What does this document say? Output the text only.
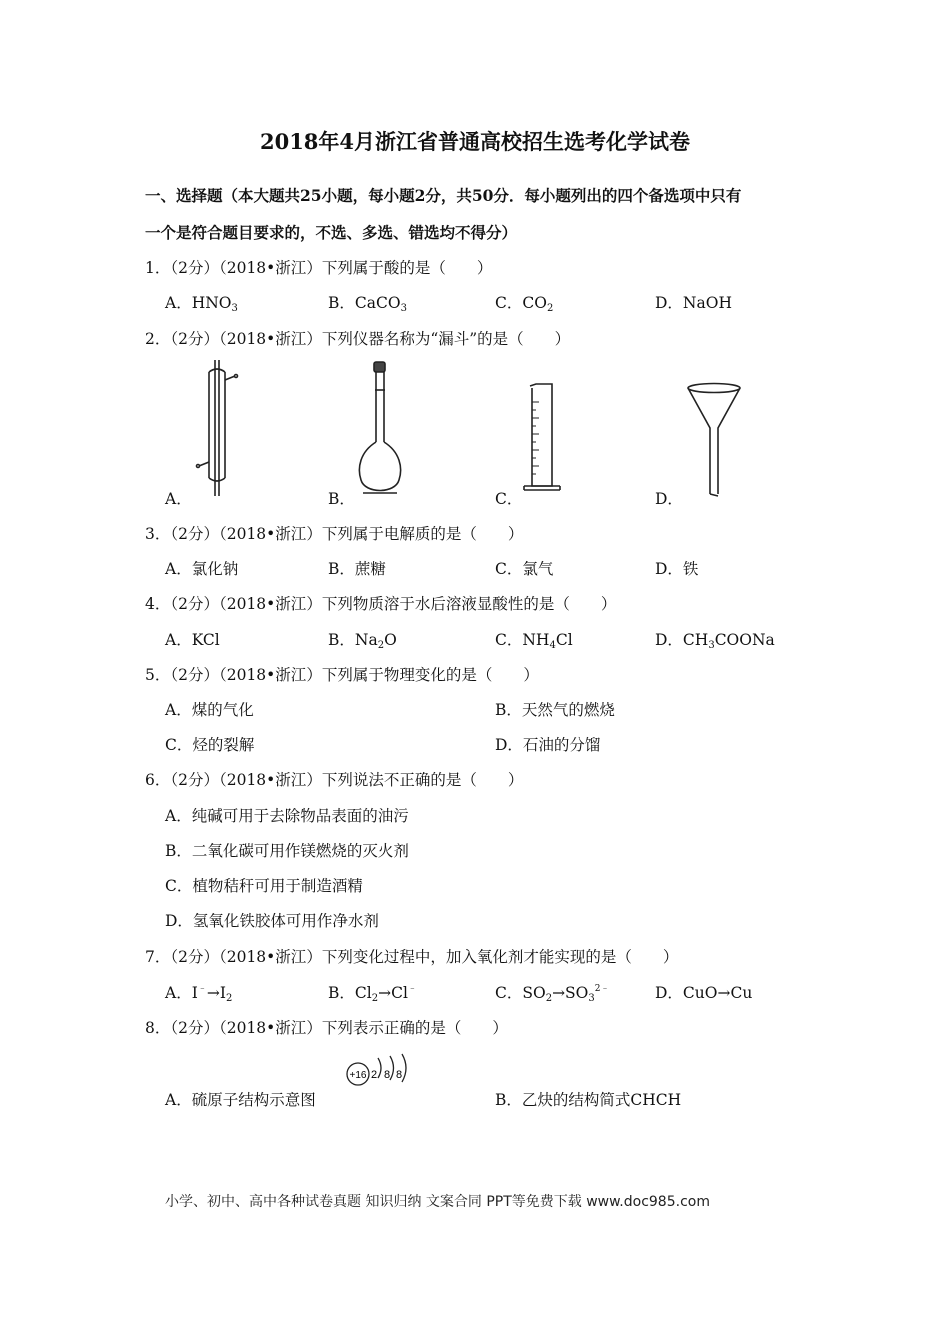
2018年4月浙江省普通高校招生选考化学试卷
一、选择题（本大题共25小题，每小题2分，共50分．每小题列出的四个备选项中只有
一个是符合题目要求的，不选、多选、错选均不得分）
1．（2分）（2018•浙江）下列属于酸的是（　　）
A．$HNO_3$	B．CaCO$_3$	C．$CO_2$	D．NaOH
2．（2分）（2018•浙江）下列仪器名称为“漏斗”的是（　　）
A．	B．	C．	D．
3．（2分）（2018•浙江）下列属于电解质的是（　　）
A．氯化钠	B．蔗糖	C．氯气	D．铁
4．（2分）（2018•浙江）下列物质溶于水后溶液显酸性的是（　　）
A．KCl	B．$Na_2O$	C．$NH_4Cl$	D．$CH_3COONa$
5．（2分）（2018•浙江）下列属于物理变化的是（　　）
A．煤的气化	B．天然气的燃烧
C．烃的裂解	D．石油的分馏
6．（2分）（2018•浙江）下列说法不正确的是（　　）
A．纯碱可用于去除物品表面的油污
B．二氧化碳可用作镁燃烧的灭火剂
C．植物秸秆可用于制造酒精
D．氢氧化铁胶体可用作净水剂
7．（2分）（2018•浙江）下列变化过程中，加入氧化剂才能实现的是（　　）
A．$I^﹣\to I_2$	B．$Cl_2\to Cl^﹣$	C．$SO_2\to SO_3^{2﹣}$	D．CuO→Cu
8．（2分）（2018•浙江）下列表示正确的是（　　）
A．硫原子结构示意图
+16 2 8 8
B．乙炔的结构简式CHCH
小学、初中、高中各种试卷真题 知识归纳 文案合同 PPT等免费下载 www.doc985.com
